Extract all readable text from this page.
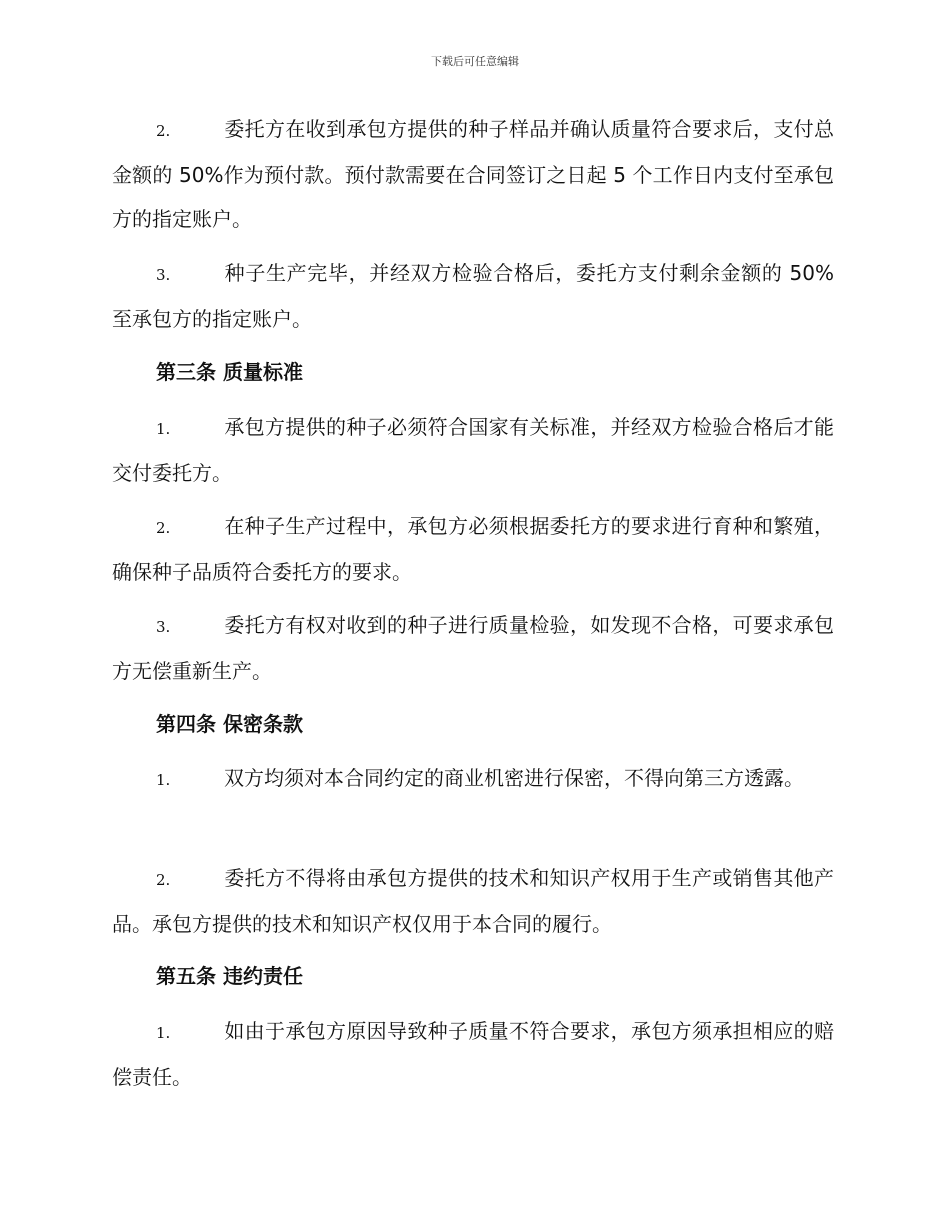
下载后可任意编辑
2.	委托方在收到承包方提供的种子样品并确认质量符合要求后，支付总金额的 50%作为预付款。预付款需要在合同签订之日起 5 个工作日内支付至承包方的指定账户。
3.	种子生产完毕，并经双方检验合格后，委托方支付剩余金额的 50%至承包方的指定账户。
第三条 质量标准
1.	承包方提供的种子必须符合国家有关标准，并经双方检验合格后才能交付委托方。
2.	在种子生产过程中，承包方必须根据委托方的要求进行育种和繁殖，确保种子品质符合委托方的要求。
3.	委托方有权对收到的种子进行质量检验，如发现不合格，可要求承包方无偿重新生产。
第四条 保密条款
1.	双方均须对本合同约定的商业机密进行保密，不得向第三方透露。
2.	委托方不得将由承包方提供的技术和知识产权用于生产或销售其他产品。承包方提供的技术和知识产权仅用于本合同的履行。
第五条 违约责任
1.	如由于承包方原因导致种子质量不符合要求，承包方须承担相应的赔偿责任。
